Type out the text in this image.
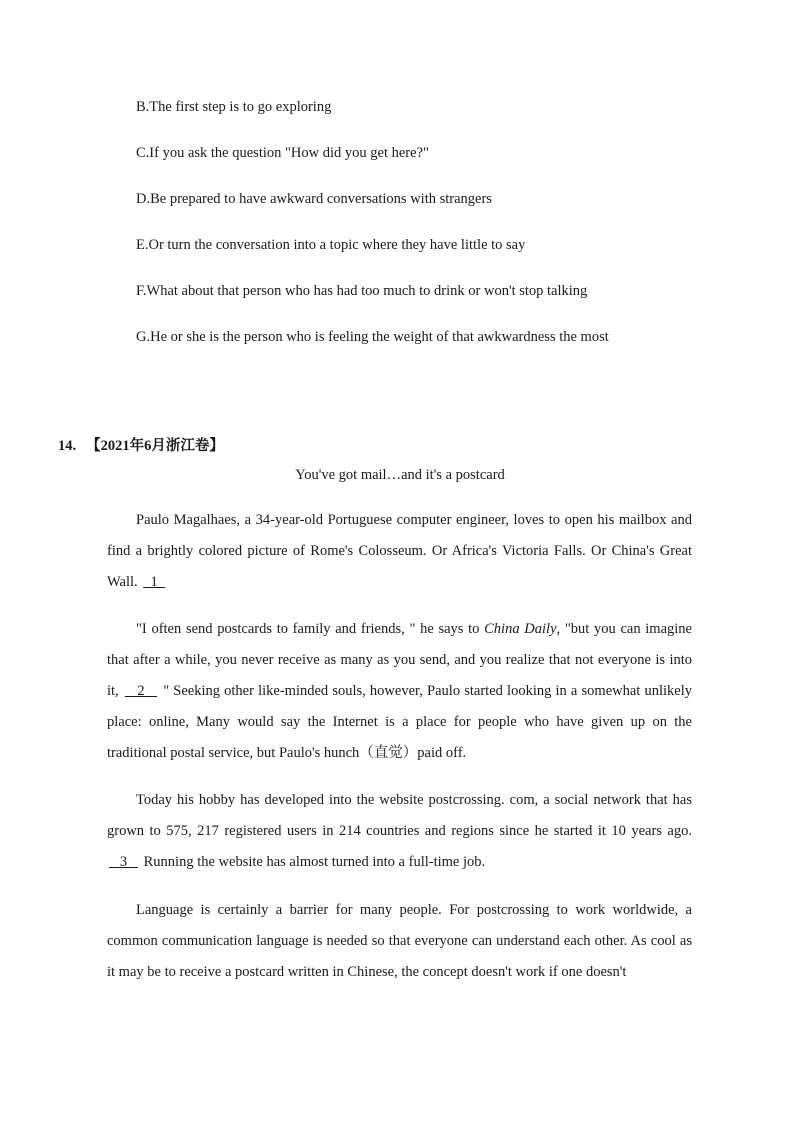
B.The first step is to go exploring
C.If you ask the question "How did you get here?"
D.Be prepared to have awkward conversations with strangers
E.Or turn the conversation into a topic where they have little to say
F.What about that person who has had too much to drink or won't stop talking
G.He or she is the person who is feeling the weight of that awkwardness the most
14. 【2021年6月浙江卷】
You've got mail…and it's a postcard

Paulo Magalhaes, a 34-year-old Portuguese computer engineer, loves to open his mailbox and find a brightly colored picture of Rome's Colosseum. Or Africa's Victoria Falls. Or China's Great Wall.   1

"I often send postcards to family and friends, " he says to China Daily, "but you can imagine that after a while, you never receive as many as you send, and you realize that not everyone is into it,    2    " Seeking other like-minded souls, however, Paulo started looking in a somewhat unlikely place: online, Many would say the Internet is a place for people who have given up on the traditional postal service, but Paulo's hunch（直觉）paid off.

Today his hobby has developed into the website postcrossing. com, a social network that has grown to 575, 217 registered users in 214 countries and regions since he started it 10 years ago.    3    Running the website has almost turned into a full-time job.

Language is certainly a barrier for many people. For postcrossing to work worldwide, a common communication language is needed so that everyone can understand each other. As cool as it may be to receive a postcard written in Chinese, the concept doesn't work if one doesn't
